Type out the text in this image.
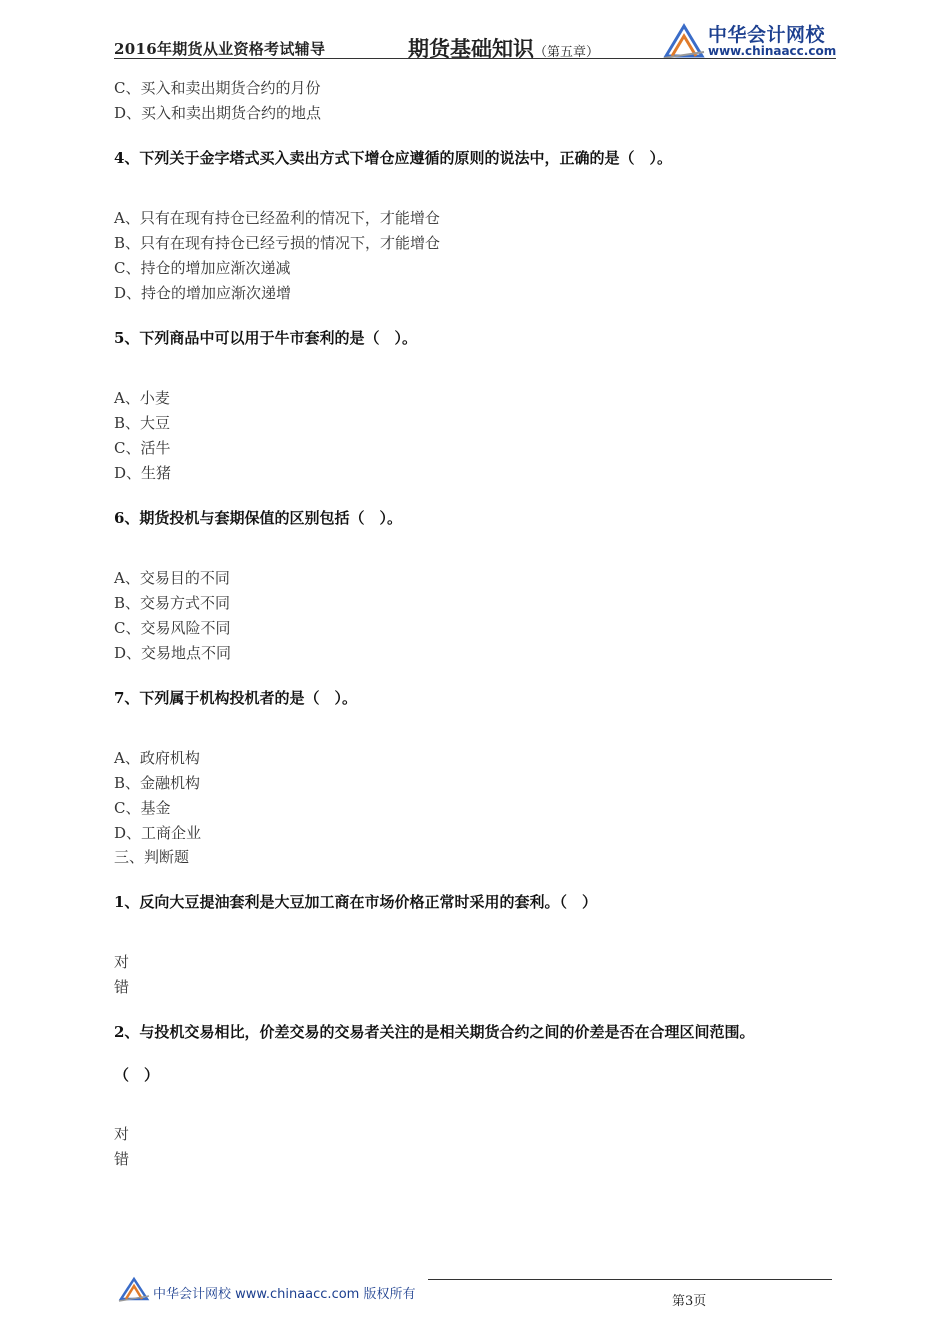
2016年期货从业资格考试辅导	期货基础知识（第五章）
中华会计网校
www.chinaacc.com
C、买入和卖出期货合约的月份
D、买入和卖出期货合约的地点
4、下列关于金字塔式买入卖出方式下增仓应遵循的原则的说法中，正确的是（　）。
A、只有在现有持仓已经盈利的情况下，才能增仓
B、只有在现有持仓已经亏损的情况下，才能增仓
C、持仓的增加应渐次递减
D、持仓的增加应渐次递增
5、下列商品中可以用于牛市套利的是（　）。
A、小麦
B、大豆
C、活牛
D、生猪
6、期货投机与套期保值的区别包括（　）。
A、交易目的不同
B、交易方式不同
C、交易风险不同
D、交易地点不同
7、下列属于机构投机者的是（　）。
A、政府机构
B、金融机构
C、基金
D、工商企业
三、判断题
1、反向大豆提油套利是大豆加工商在市场价格正常时采用的套利。（　）
对
错
2、与投机交易相比，价差交易的交易者关注的是相关期货合约之间的价差是否在合理区间范围。
（　）
对
错
中华会计网校 www.chinaacc.com 版权所有	第3页
